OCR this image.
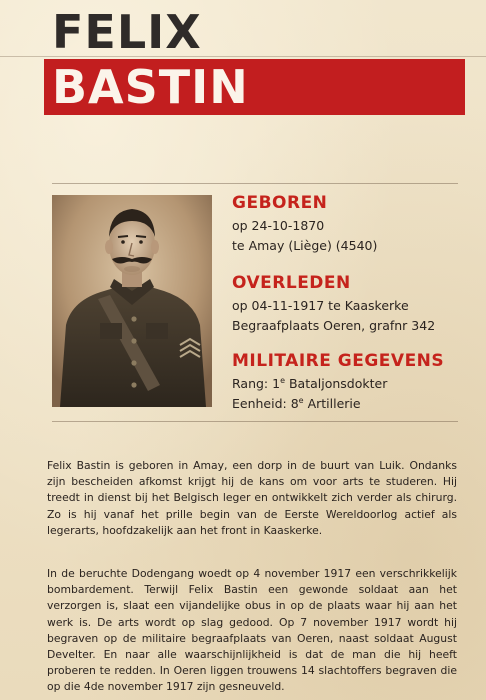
FELIX
BASTIN
GEBOREN
op 24-10-1870
te Amay (Liège) (4540)
OVERLEDEN
op 04-11-1917 te Kaaskerke
Begraafplaats Oeren, grafnr 342
MILITAIRE GEGEVENS
Rang: 1e Bataljonsdokter
Eenheid: 8e Artillerie

Felix Bastin is geboren in Amay, een dorp in de buurt van Luik. Ondanks zijn bescheiden afkomst krijgt hij de kans om voor arts te studeren. Hij treedt in dienst bij het Belgisch leger en ontwikkelt zich verder als chirurg. Zo is hij vanaf het prille begin van de Eerste Wereldoorlog actief als legerarts, hoofdzakelijk aan het front in Kaaskerke.

In de beruchte Dodengang woedt op 4 november 1917 een verschrikkelijk bombardement. Terwijl Felix Bastin een gewonde soldaat aan het verzorgen is, slaat een vijandelijke obus in op de plaats waar hij aan het werk is. De arts wordt op slag gedood. Op 7 november 1917 wordt hij begraven op de militaire begraafplaats van Oeren, naast soldaat August Develter. En naar alle waarschijnlijkheid is dat de man die hij heeft proberen te redden. In Oeren liggen trouwens 14 slachtoffers begraven die op die 4de november 1917 zijn gesneuveld.
